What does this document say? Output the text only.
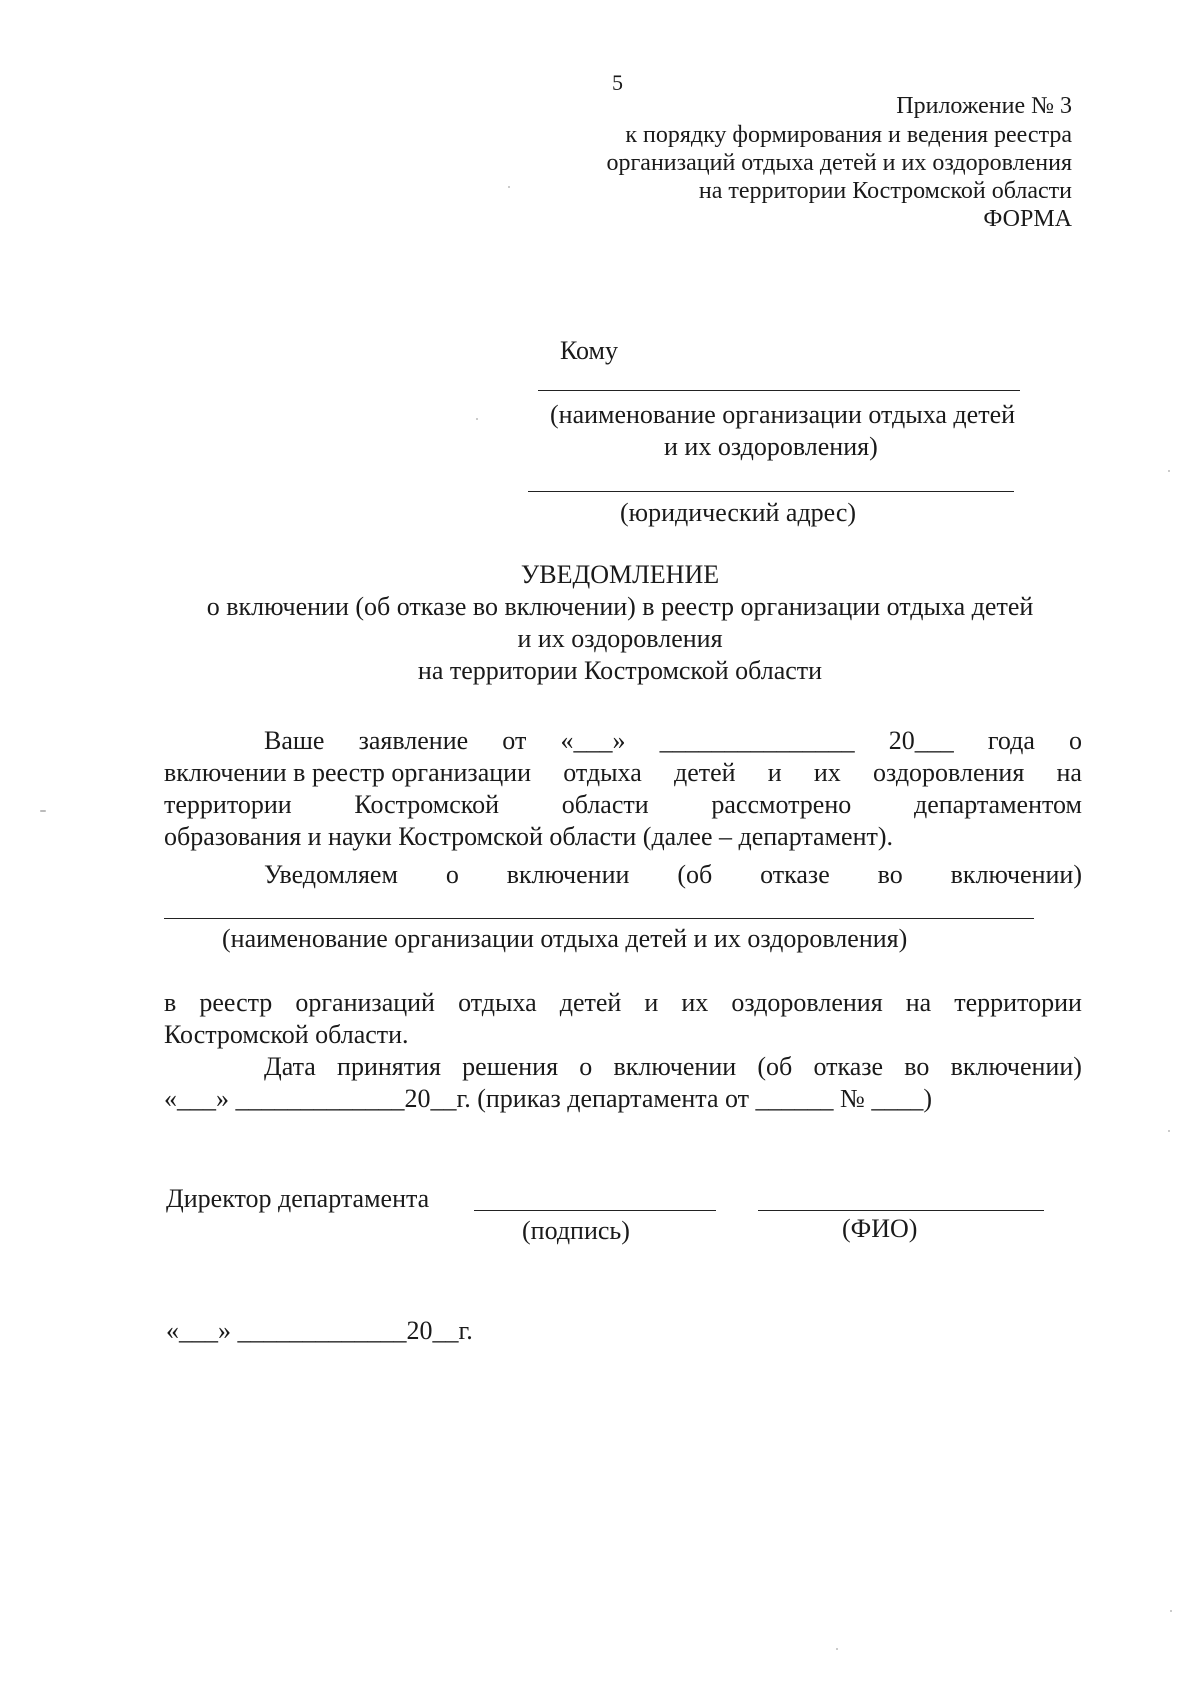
5
Приложение № 3
к порядку формирования и ведения реестра
организаций отдыха детей и их оздоровления
на территории Костромской области
ФОРМА
Кому
(наименование организации отдыха детей
и их оздоровления)
(юридический адрес)
УВЕДОМЛЕНИЕ
о включении (об отказе во включении) в реестр организации отдыха детей
и их оздоровления
на территории Костромской области
Ваше заявление от «___» _______________ 20___ года о
включении в реестр организации отдыха детей и их оздоровления на
территории Костромской области рассмотрено департаментом
образования и науки Костромской области (далее – департамент).
Уведомляем о включении (об отказе во включении)
(наименование организации отдыха детей и их оздоровления)
в реестр организаций отдыха детей и их оздоровления на территории
Костромской области.
Дата принятия решения о включении (об отказе во включении)
«___» _____________20__г. (приказ департамента от ______ № ____)
Директор департамента
(подпись)	(ФИО)
«___» _____________20__г.
